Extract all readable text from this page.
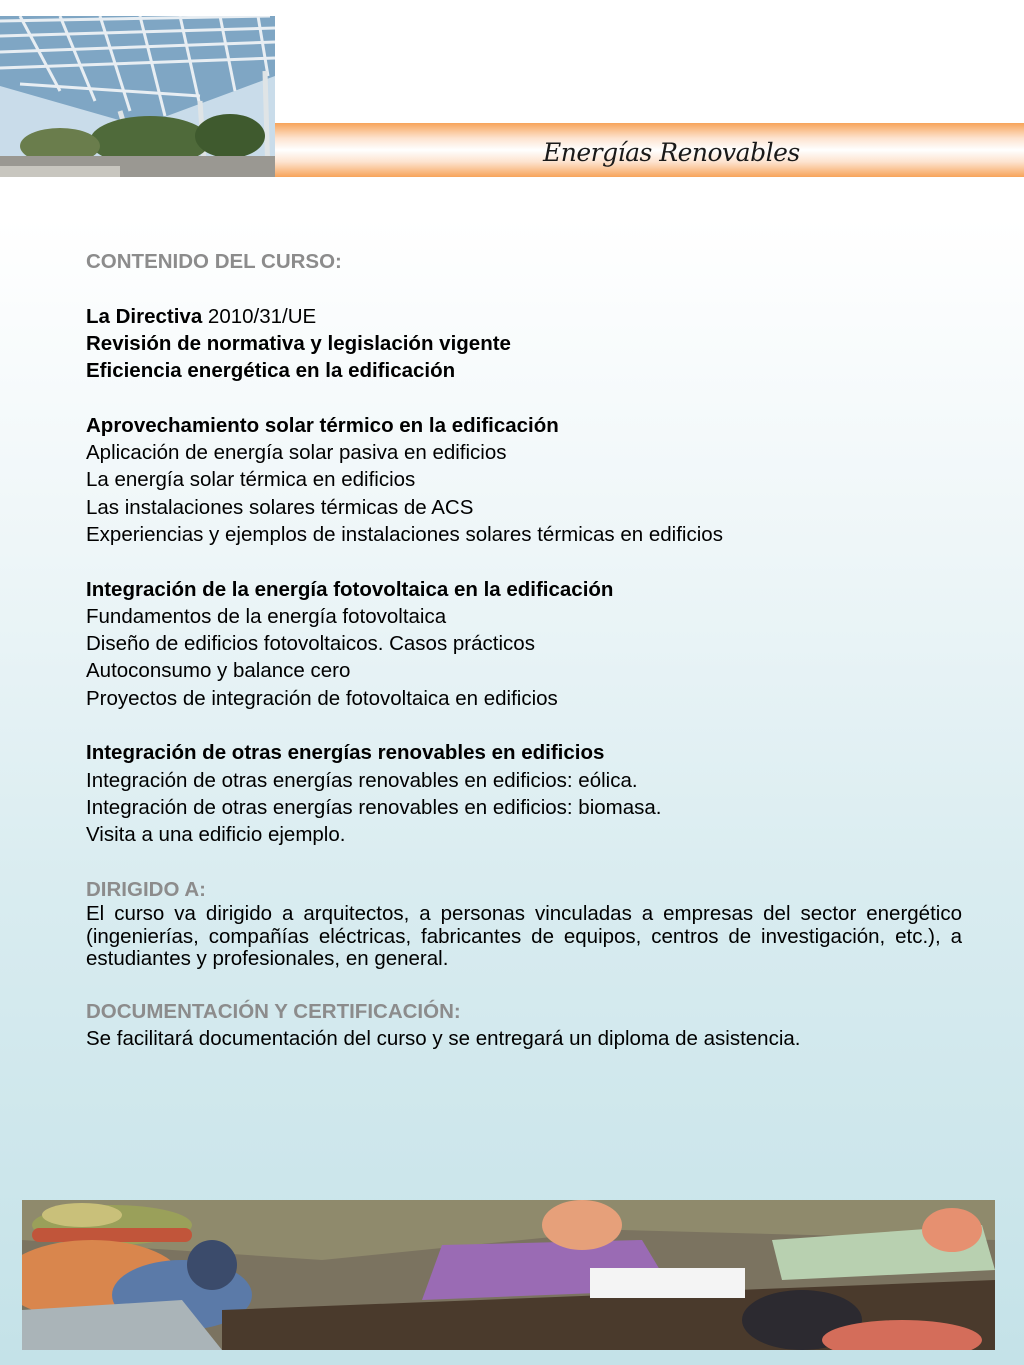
Energías Renovables
CONTENIDO DEL CURSO:
La Directiva 2010/31/UE
Revisión de normativa y legislación vigente
Eficiencia energética en la edificación
Aprovechamiento solar térmico en la edificación
Aplicación de energía solar pasiva en edificios
La energía solar térmica en edificios
Las instalaciones solares térmicas de ACS
Experiencias y ejemplos de instalaciones solares térmicas en edificios
Integración de la energía fotovoltaica en la edificación
Fundamentos de la energía fotovoltaica
Diseño de edificios fotovoltaicos. Casos prácticos
Autoconsumo y balance cero
Proyectos de integración de fotovoltaica en edificios
Integración de otras energías renovables en edificios
Integración de otras energías renovables en edificios: eólica.
Integración de otras energías renovables en edificios: biomasa.
Visita a una edificio ejemplo.
DIRIGIDO A:
El curso va dirigido a arquitectos, a personas vinculadas a empresas del sector energético (ingenierías, compañías eléctricas, fabricantes de equipos, centros de investigación, etc.), a estudiantes y profesionales, en general.
DOCUMENTACIÓN Y CERTIFICACIÓN:
Se facilitará documentación del curso y se entregará un diploma de asistencia.
